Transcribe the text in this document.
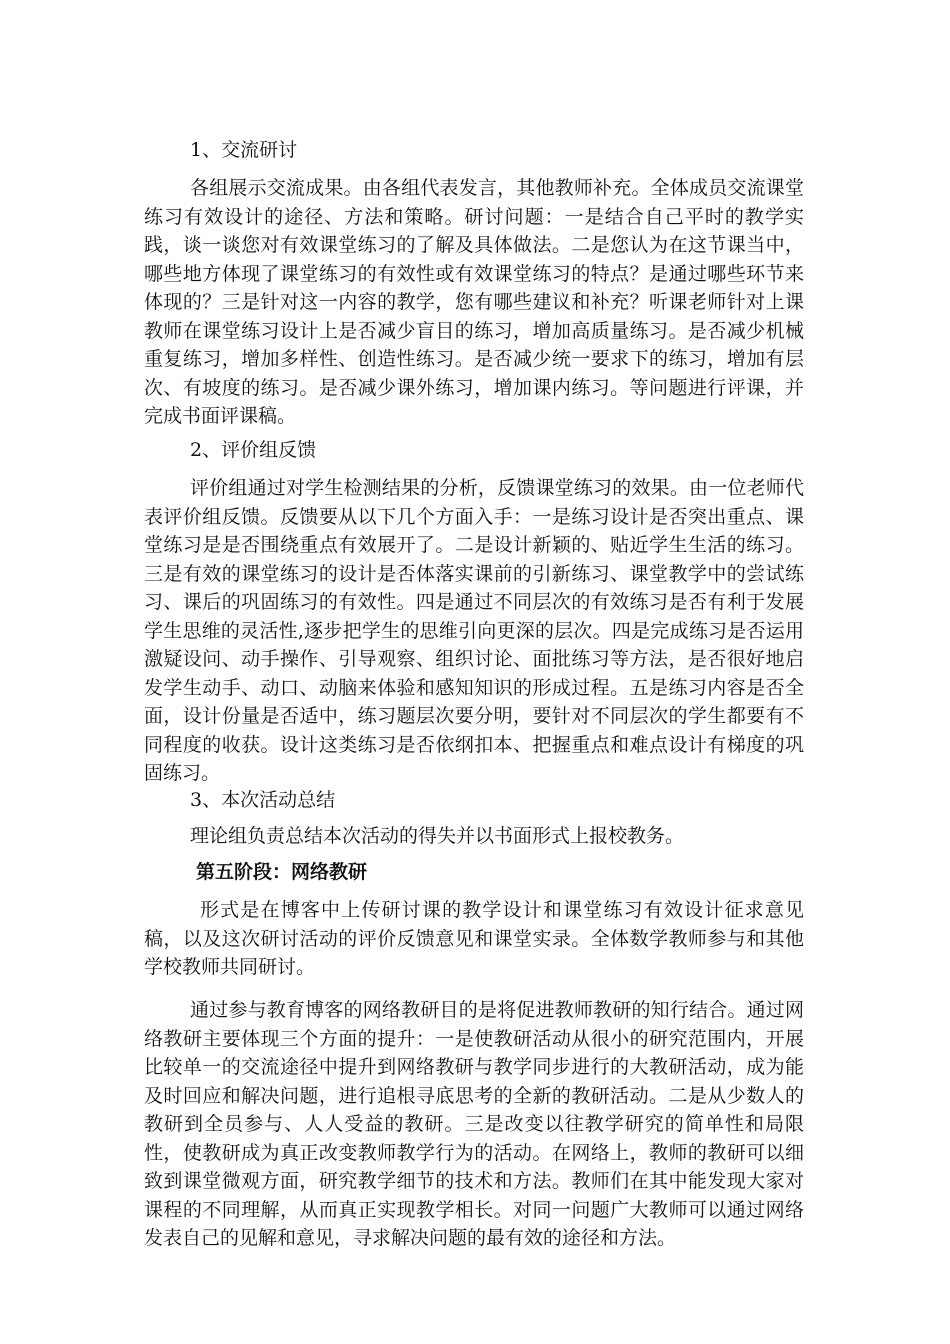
1、交流研讨

各组展示交流成果。由各组代表发言，其他教师补充。全体成员交流课堂练习有效设计的途径、方法和策略。研讨问题：一是结合自己平时的教学实践，谈一谈您对有效课堂练习的了解及具体做法。二是您认为在这节课当中，哪些地方体现了课堂练习的有效性或有效课堂练习的特点？是通过哪些环节来体现的？三是针对这一内容的教学，您有哪些建议和补充？听课老师针对上课教师在课堂练习设计上是否减少盲目的练习，增加高质量练习。是否减少机械重复练习，增加多样性、创造性练习。是否减少统一要求下的练习，增加有层次、有坡度的练习。是否减少课外练习，增加课内练习。等问题进行评课，并完成书面评课稿。

2、评价组反馈

评价组通过对学生检测结果的分析，反馈课堂练习的效果。由一位老师代表评价组反馈。反馈要从以下几个方面入手：一是练习设计是否突出重点、课堂练习是是否围绕重点有效展开了。二是设计新颖的、贴近学生生活的练习。三是有效的课堂练习的设计是否体落实课前的引新练习、课堂教学中的尝试练习、课后的巩固练习的有效性。四是通过不同层次的有效练习是否有利于发展学生思维的灵活性,逐步把学生的思维引向更深的层次。四是完成练习是否运用激疑设问、动手操作、引导观察、组织讨论、面批练习等方法，是否很好地启发学生动手、动口、动脑来体验和感知知识的形成过程。五是练习内容是否全面，设计份量是否适中，练习题层次要分明，要针对不同层次的学生都要有不同程度的收获。设计这类练习是否依纲扣本、把握重点和难点设计有梯度的巩固练习。

3、本次活动总结

理论组负责总结本次活动的得失并以书面形式上报校教务。

第五阶段：网络教研

形式是在博客中上传研讨课的教学设计和课堂练习有效设计征求意见稿，以及这次研讨活动的评价反馈意见和课堂实录。全体数学教师参与和其他学校教师共同研讨。

通过参与教育博客的网络教研目的是将促进教师教研的知行结合。通过网络教研主要体现三个方面的提升：一是使教研活动从很小的研究范围内，开展比较单一的交流途径中提升到网络教研与教学同步进行的大教研活动，成为能及时回应和解决问题，进行追根寻底思考的全新的教研活动。二是从少数人的教研到全员参与、人人受益的教研。三是改变以往教学研究的简单性和局限性，使教研成为真正改变教师教学行为的活动。在网络上，教师的教研可以细致到课堂微观方面，研究教学细节的技术和方法。教师们在其中能发现大家对课程的不同理解，从而真正实现教学相长。对同一问题广大教师可以通过网络发表自己的见解和意见，寻求解决问题的最有效的途径和方法。
